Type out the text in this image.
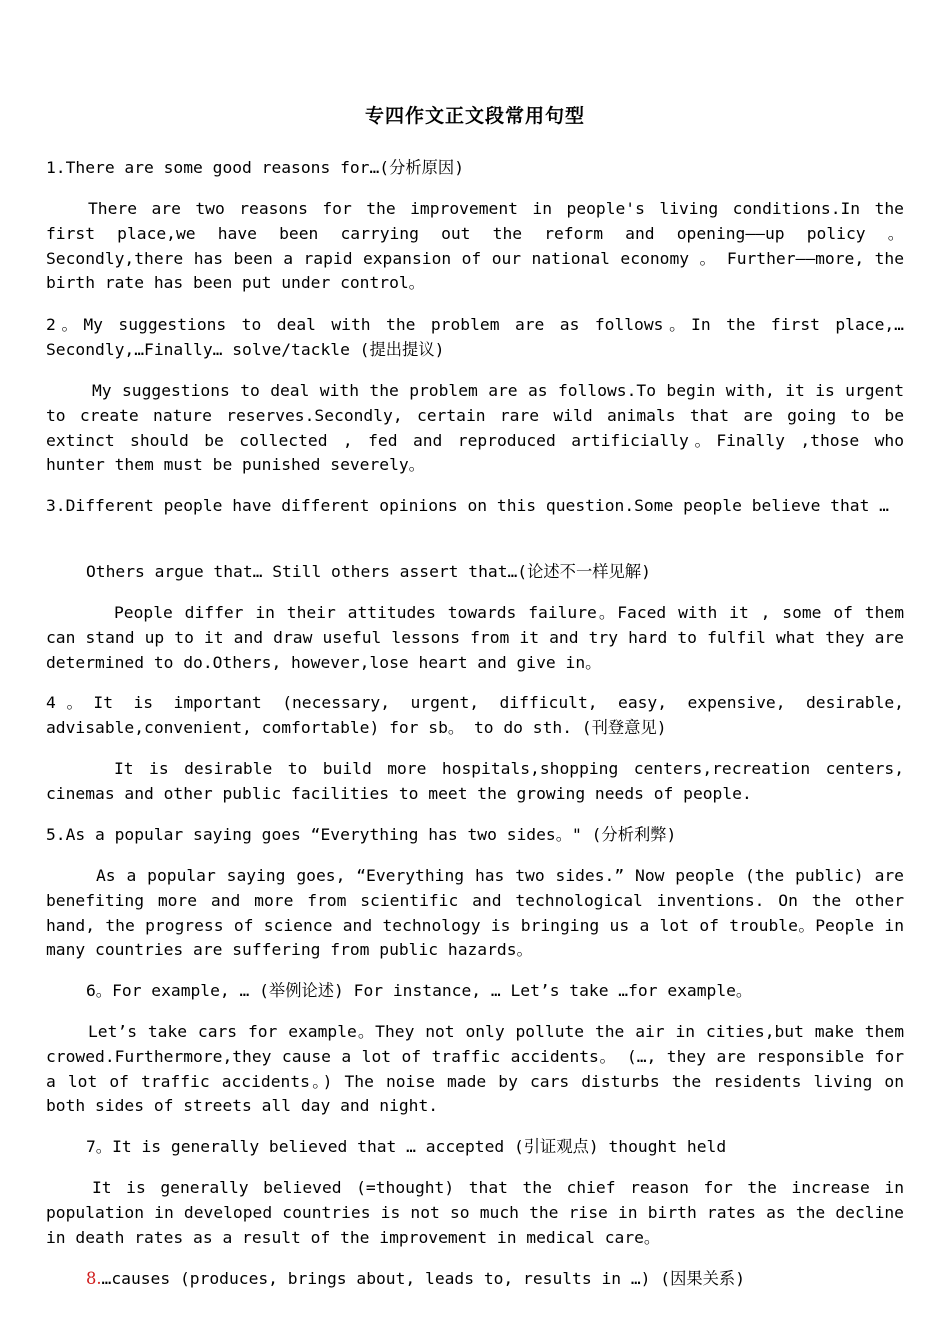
专四作文正文段常用句型
1.There are some good reasons for…(分析原因)
There are two reasons for the improvement in people's living conditions.In the first place,we have been carrying out the reform and opening——up policy 。 Secondly,there has been a rapid expansion of our national economy 。 Further——more, the birth rate has been put under control。
2。My suggestions to deal with the problem are as follows。In the first place,… Secondly,…Finally… solve/tackle (提出提议)
My suggestions to deal with the problem are as follows.To begin with, it is urgent to create nature reserves.Secondly, certain rare wild animals that are going to be extinct should be collected , fed and reproduced artificially。Finally ,those who hunter them must be punished severely。
3.Different people have different opinions on this question.Some people believe that …
Others argue that… Still others assert that…(论述不一样见解)
People differ in their attitudes towards failure。Faced with it , some of them can stand up to it and draw useful lessons from it and try hard to fulfil what they are determined to do.Others, however,lose heart and give in。
4。It is important (necessary, urgent, difficult, easy, expensive, desirable, advisable,convenient, comfortable) for sb。 to do sth. (刊登意见)
It is desirable to build more hospitals,shopping centers,recreation centers, cinemas and other public facilities to meet the growing needs of people.
5.As a popular saying goes “Everything has two sides。" (分析利弊)
As a popular saying goes, “Everything has two sides.” Now people (the public) are benefiting more and more from scientific and technological inventions. On the other hand, the progress of science and technology is bringing us a lot of trouble。People in many countries are suffering from public hazards。
6。For example, … (举例论述) For instance, … Let’s take …for example。
Let’s take cars for example。They not only pollute the air in cities,but make them crowed.Furthermore,they cause a lot of traffic accidents。 (…, they are responsible for a lot of traffic accidents。) The noise made by cars disturbs the residents living on both sides of streets all day and night.
7。It is generally believed that … accepted (引证观点) thought held
It is generally believed (=thought) that the chief reason for the increase in population in developed countries is not so much the rise in birth rates as the decline in death rates as a result of the improvement in medical care。
8.…causes (produces, brings about, leads to, results in …) (因果关系)
